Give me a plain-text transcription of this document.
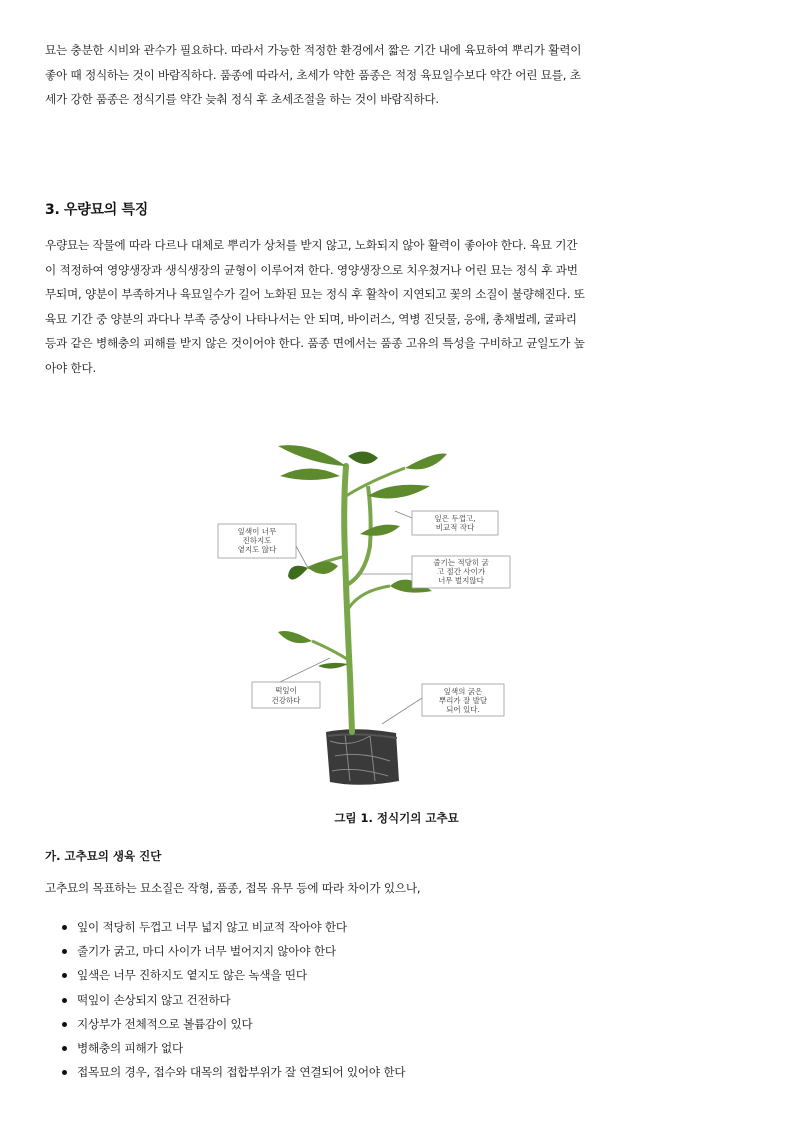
묘는 충분한 시비와 관수가 필요하다. 따라서 가능한 적정한 환경에서 짧은 기간 내에 육묘하여 뿌리가 활력이
좋아 때 정식하는 것이 바람직하다. 품종에 따라서, 초세가 약한 품종은 적정 육묘일수보다 약간 어린 묘를, 초
세가 강한 품종은 정식기를 약간 늦춰 정식 후 초세조절을 하는 것이 바람직하다.

3. 우량묘의 특징

우량묘는 작물에 따라 다르나 대체로 뿌리가 상처를 받지 않고, 노화되지 않아 활력이 좋아야 한다. 육묘 기간
이 적정하여 영양생장과 생식생장의 균형이 이루어져 한다. 영양생장으로 치우쳤거나 어린 묘는 정식 후 과번
무되며, 양분이 부족하거나 육묘일수가 길어 노화된 묘는 정식 후 활착이 지연되고 꽃의 소질이 불량해진다. 또
육묘 기간 중 양분의 과다나 부족 증상이 나타나서는 안 되며, 바이러스, 역병 진딧물, 응애, 총채벌레, 굴파리
등과 같은 병해충의 피해를 받지 않은 것이어야 한다. 품종 면에서는 품종 고유의 특성을 구비하고 균일도가 높
아야 한다.

잎색이 너무
진하지도
옅지도 않다
잎은 두껍고,
비교적 작다
줄기는 적당히 굵
고 절간 사이가
너무 벌지않다
떡잎이
건강하다
잎색의 굵은
뿌리가 잘 발달
되어 있다.

그림 1. 정식기의 고추묘

가. 고추묘의 생육 진단

고추묘의 목표하는 묘소질은 작형, 품종, 접목 유무 등에 따라 차이가 있으나,

잎이 적당히 두껍고 너무 넓지 않고 비교적 작아야 한다
줄기가 굵고, 마디 사이가 너무 벌어지지 않아야 한다
잎색은 너무 진하지도 옅지도 않은 녹색을 띤다
떡잎이 손상되지 않고 건전하다
지상부가 전체적으로 볼륨감이 있다
병해충의 피해가 없다
접목묘의 경우, 접수와 대목의 접합부위가 잘 연결되어 있어야 한다
